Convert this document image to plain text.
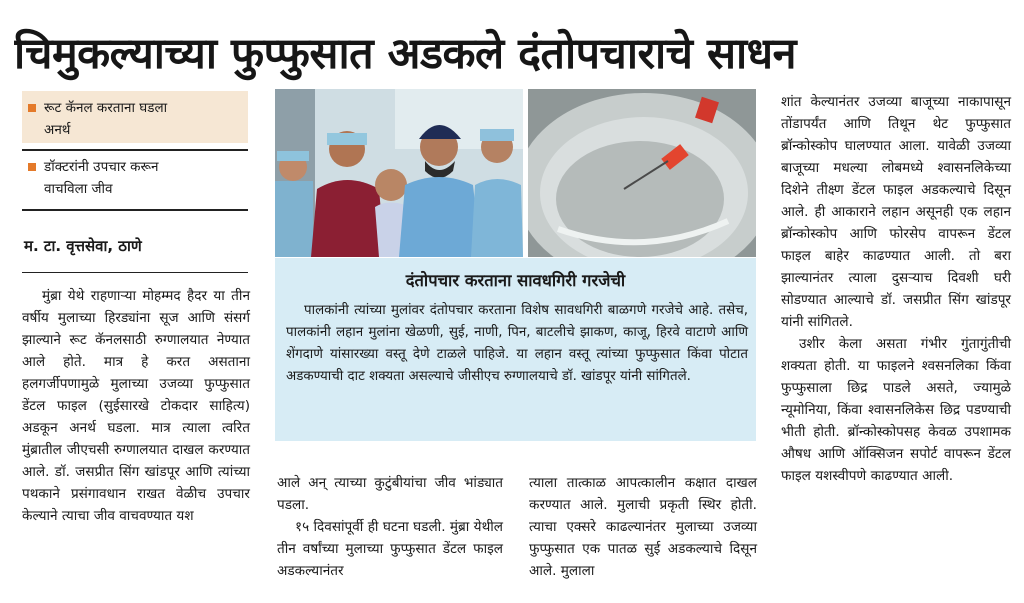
चिमुकल्याच्या फुप्फुसात अडकले दंतोपचाराचे साधन
रूट कॅनल करताना घडला
अनर्थ
डॉक्टरांनी उपचार करून
वाचविला जीव
म. टा. वृत्तसेवा, ठाणे
मुंब्रा येथे राहणाऱ्या मोहम्मद हैदर या तीन वर्षीय मुलाच्या हिरड्यांना सूज आणि संसर्ग झाल्याने रूट कॅनलसाठी रुग्णालयात नेण्यात आले होते. मात्र हे करत असताना हलगर्जीपणामुळे मुलाच्या उजव्या फुप्फुसात डेंटल फाइल (सुईसारखे टोकदार साहित्य) अडकून अनर्थ घडला. मात्र त्याला त्वरित मुंब्रातील जीएचसी रुग्णालयात दाखल करण्यात आले. डॉ. जसप्रीत सिंग खांडपूर आणि त्यांच्या पथकाने प्रसंगावधान राखत वेळीच उपचार केल्याने त्याचा जीव वाचवण्यात यश
दंतोपचार करताना सावधगिरी गरजेची
पालकांनी त्यांच्या मुलांवर दंतोपचार करताना विशेष सावधगिरी बाळगणे गरजेचे आहे. तसेच, पालकांनी लहान मुलांना खेळणी, सुई, नाणी, पिन, बाटलीचे झाकण, काजू, हिरवे वाटाणे आणि शेंगदाणे यांसारख्या वस्तू देणे टाळले पाहिजे. या लहान वस्तू त्यांच्या फुप्फुसात किंवा पोटात अडकण्याची दाट शक्यता असल्याचे जीसीएच रुग्णालयाचे डॉ. खांडपूर यांनी सांगितले.

आले अन् त्याच्या कुटुंबीयांचा जीव भांड्यात पडला.

१५ दिवसांपूर्वी ही घटना घडली. मुंब्रा येथील तीन वर्षांच्या मुलाच्या फुप्फुसात डेंटल फाइल अडकल्यानंतर

त्याला तात्काळ आपत्कालीन कक्षात दाखल करण्यात आले. मुलाची प्रकृती स्थिर होती. त्याचा एक्सरे काढल्यानंतर मुलाच्या उजव्या फुप्फुसात एक पातळ सुई अडकल्याचे दिसून आले. मुलाला

शांत केल्यानंतर उजव्या बाजूच्या नाकापासून तोंडापर्यंत आणि तिथून थेट फुप्फुसात ब्रॉन्कोस्कोप घालण्यात आला. यावेळी उजव्या बाजूच्या मधल्या लोबमध्ये श्वासनलिकेच्या दिशेने तीक्ष्ण डेंटल फाइल अडकल्याचे दिसून आले. ही आकाराने लहान असूनही एक लहान ब्रॉन्कोस्कोप आणि फोरसेप वापरून डेंटल फाइल बाहेर काढण्यात आली. तो बरा झाल्यानंतर त्याला दुसऱ्याच दिवशी घरी सोडण्यात आल्याचे डॉ. जसप्रीत सिंग खांडपूर यांनी सांगितले.

उशीर केला असता गंभीर गुंतागुंतीची शक्यता होती. या फाइलने श्वसनलिका किंवा फुप्फुसाला छिद्र पाडले असते, ज्यामुळे न्यूमोनिया, किंवा श्वासनलिकेस छिद्र पडण्याची भीती होती. ब्रॉन्कोस्कोपसह केवळ उपशामक औषध आणि ऑक्सिजन सपोर्ट वापरून डेंटल फाइल यशस्वीपणे काढण्यात आली.
